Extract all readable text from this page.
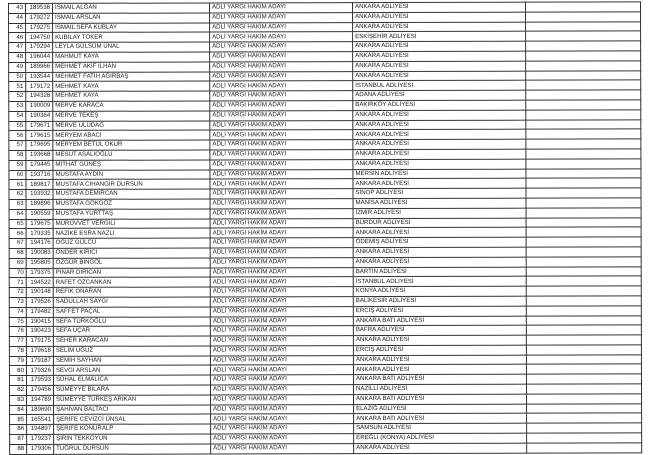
43	189538	İSMAİL ALĞAN	ADLİ YARGI HAKİM ADAYI	ANKARA ADLİYESİ	
44	179272	İSMAİL ARSLAN	ADLİ YARGI HAKİM ADAYI	ANKARA ADLİYESİ	
45	179275	İSMAİL SEFA KUBLAY	ADLİ YARGI HAKİM ADAYI	ANKARA ADLİYESİ	
46	194750	KUBİLAY TOKER	ADLİ YARGI HAKİM ADAYI	ESKİŞEHİR ADLİYESİ	
47	179294	LEYLA GÜLSÜM ÜNAL	ADLİ YARGI HAKİM ADAYI	ANKARA ADLİYESİ	
48	196044	MAHMUT KAYA	ADLİ YARGI HAKİM ADAYI	ANKARA ADLİYESİ	
49	189966	MEHMET AKİF İLHAN	ADLİ YARGI HAKİM ADAYI	ANKARA ADLİYESİ	
50	193544	MEHMET FATİH AĞIRBAŞ	ADLİ YARGI HAKİM ADAYI	ANKARA ADLİYESİ	
51	179172	MEHMET KAYA	ADLİ YARGI HAKİM ADAYI	İSTANBUL ADLİYESİ	
52	194328	MEHMET KAYA	ADLİ YARGI HAKİM ADAYI	ADANA ADLİYESİ	
53	190009	MERVE KARACA	ADLİ YARGI HAKİM ADAYI	BAKIRKÖY ADLİYESİ	
54	190364	MERVE TEKEŞ	ADLİ YARGI HAKİM ADAYI	ANKARA ADLİYESİ	
55	179671	MERVE ULUDAĞ	ADLİ YARGI HAKİM ADAYI	ANKARA ADLİYESİ	
56	179615	MERYEM ABACI	ADLİ YARGI HAKİM ADAYI	ANKARA ADLİYESİ	
57	179695	MERYEM BETÜL OKUR	ADLİ YARGI HAKİM ADAYI	ANKARA ADLİYESİ	
58	193668	MESUT ASALIOĞLU	ADLİ YARGI HAKİM ADAYI	ANKARA ADLİYESİ	
59	179445	MİTHAT GÜNEŞ	ADLİ YARGI HAKİM ADAYI	ANKARA ADLİYESİ	
60	193716	MUSTAFA AYDIN	ADLİ YARGI HAKİM ADAYI	MERSİN ADLİYESİ	
61	189817	MUSTAFA CİHANGİR DURSUN	ADLİ YARGI HAKİM ADAYI	ANKARA ADLİYESİ	
62	193932	MUSTAFA DEMİRCAN	ADLİ YARGI HAKİM ADAYI	SİNOP ADLİYESİ	
63	189896	MUSTAFA GÖKGÖZ	ADLİ YARGI HAKİM ADAYI	MANİSA ADLİYESİ	
64	190559	MUSTAFA YURTTAŞ	ADLİ YARGI HAKİM ADAYI	İZMİR ADLİYESİ	
65	179675	MÜRÜVVET VERGİLİ	ADLİ YARGI HAKİM ADAYI	BURDUR ADLİYESİ	
66	179335	NAZİKE ESRA NAZLI	ADLİ YARGI HAKİM ADAYI	ANKARA ADLİYESİ	
67	194176	OĞUZ GÜLCÜ	ADLİ YARGI HAKİM ADAYI	ÖDEMİŞ ADLİYESİ	
68	190083	ÖNDER KIRICI	ADLİ YARGI HAKİM ADAYI	ANKARA ADLİYESİ	
69	195805	ÖZGÜR BİNGÖL	ADLİ YARGI HAKİM ADAYI	ANKARA ADLİYESİ	
70	179375	PINAR DİRİCAN	ADLİ YARGI HAKİM ADAYI	BARTIN ADLİYESİ	
71	194522	RAFET ÖZCANKAN	ADLİ YARGI HAKİM ADAYI	İSTANBUL ADLİYESİ	
72	190148	REFİK ONARAN	ADLİ YARGI HAKİM ADAYI	KONYA ADLİYESİ	
73	179526	SADULLAH SAYGI	ADLİ YARGI HAKİM ADAYI	BALIKESİR ADLİYESİ	
74	179482	SAFFET PAÇAL	ADLİ YARGI HAKİM ADAYI	ERCİŞ ADLİYESİ	
75	190415	SEFA TÜRKOĞLU	ADLİ YARGI HAKİM ADAYI	ANKARA BATI ADLİYESİ	
76	190423	SEFA UÇAR	ADLİ YARGI HAKİM ADAYI	BAFRA ADLİYESİ	
77	179175	SEHER KARACAN	ADLİ YARGI HAKİM ADAYI	ANKARA ADLİYESİ	
78	179618	SELİM UĞUZ	ADLİ YARGI HAKİM ADAYI	ERCİŞ ADLİYESİ	
79	179187	SEMİH SAYHAN	ADLİ YARGI HAKİM ADAYI	ANKARA ADLİYESİ	
80	179326	SEVGİ ARSLAN	ADLİ YARGI HAKİM ADAYI	ANKARA ADLİYESİ	
81	179593	SÜHAL ELMALICA	ADLİ YARGI HAKİM ADAYI	ANKARA BATI ADLİYESİ	
82	179456	SÜMEYYE BİLARA	ADLİ YARGI HAKİM ADAYI	NAZİLLİ ADLİYESİ	
83	194789	SÜMEYYE TÜRKEŞ ARIKAN	ADLİ YARGI HAKİM ADAYI	ANKARA BATI ADLİYESİ	
84	189690	ŞAHİVAN BALTACI	ADLİ YARGI HAKİM ADAYI	ELAZIĞ ADLİYESİ	
85	165541	ŞERİFE CEVİZCİ ÜNSAL	ADLİ YARGI HAKİM ADAYI	ANKARA BATI ADLİYESİ	
86	194897	ŞERİFE KONURALP	ADLİ YARGI HAKİM ADAYI	SAMSUN ADLİYESİ	
87	179237	ŞİRİN TEKKOYUN	ADLİ YARGI HAKİM ADAYI	EREĞLİ (KONYA) ADLİYESİ	
88	179306	TUĞRUL DURSUN	ADLİ YARGI HAKİM ADAYI	ANKARA ADLİYESİ	
